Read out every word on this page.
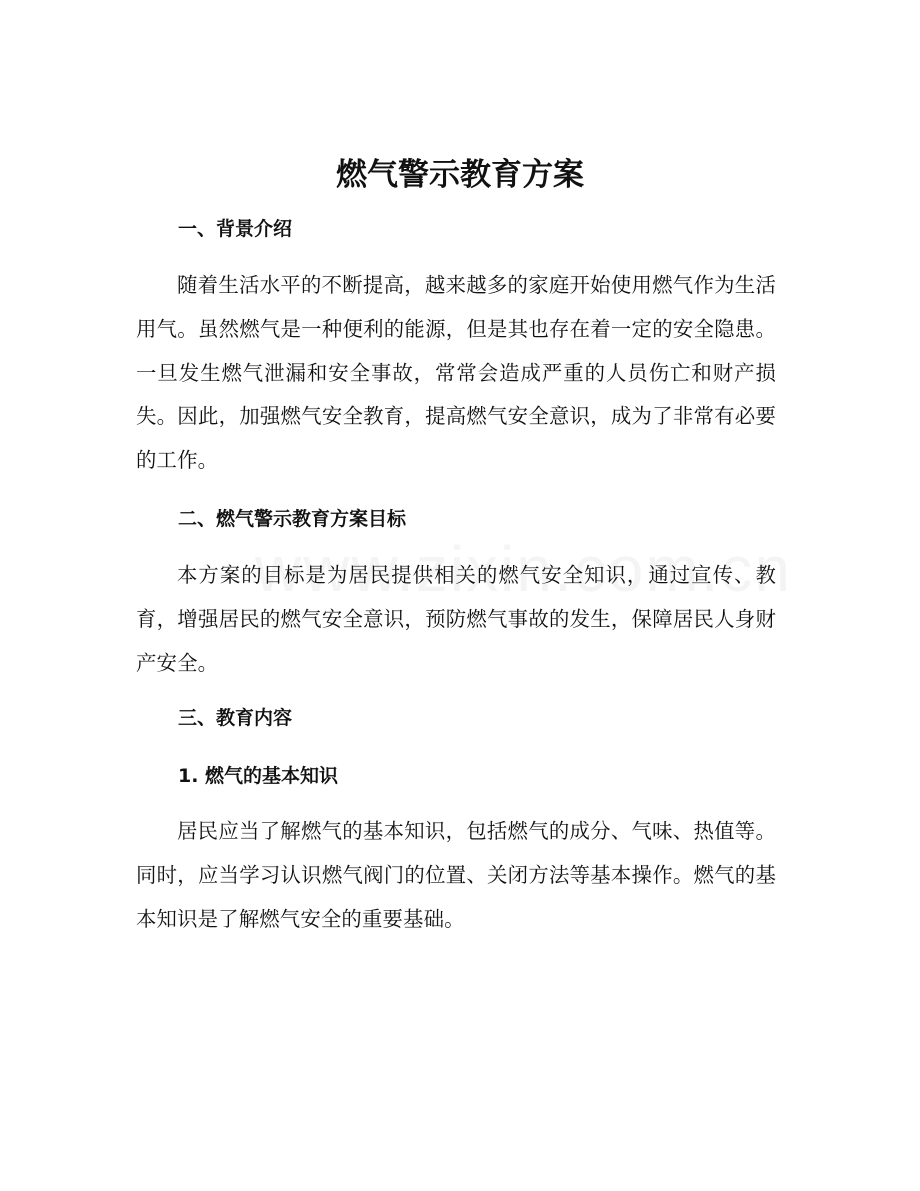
燃气警示教育方案
一、背景介绍

随着生活水平的不断提高，越来越多的家庭开始使用燃气作为生活用气。虽然燃气是一种便利的能源，但是其也存在着一定的安全隐患。一旦发生燃气泄漏和安全事故，常常会造成严重的人员伤亡和财产损失。因此，加强燃气安全教育，提高燃气安全意识，成为了非常有必要的工作。

二、燃气警示教育方案目标

本方案的目标是为居民提供相关的燃气安全知识，通过宣传、教育，增强居民的燃气安全意识，预防燃气事故的发生，保障居民人身财产安全。

三、教育内容
1. 燃气的基本知识

居民应当了解燃气的基本知识，包括燃气的成分、气味、热值等。同时，应当学习认识燃气阀门的位置、关闭方法等基本操作。燃气的基本知识是了解燃气安全的重要基础。
